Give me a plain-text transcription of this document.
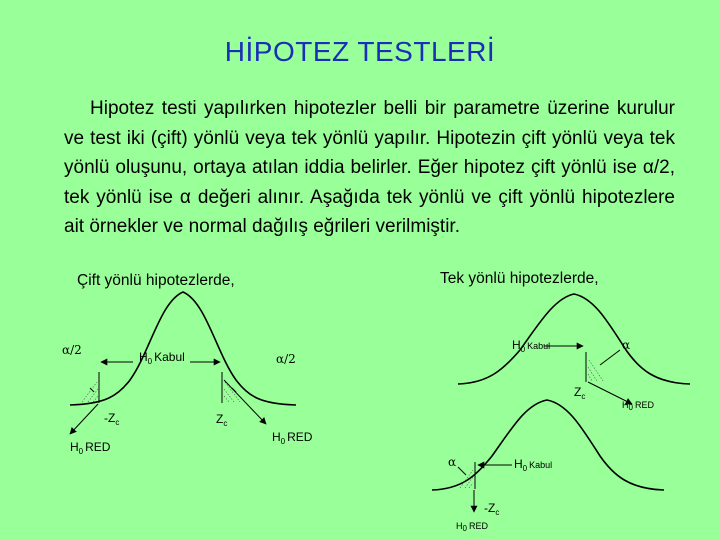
HİPOTEZ TESTLERİ

Hipotez testi yapılırken hipotezler belli bir parametre üzerine kurulur ve test iki (çift) yönlü veya tek yönlü yapılır. Hipotezin çift yönlü veya tek yönlü oluşunu, ortaya atılan iddia belirler. Eğer hipotez çift yönlü ise α/2, tek yönlü ise α değeri alınır. Aşağıda tek yönlü ve çift yönlü hipotezlere ait örnekler ve normal dağılış eğrileri verilmiştir.

Çift yönlü hipotezlerde,	Tek yönlü hipotezlerde,
α/2
α/2
$H_0$ Kabul
$-Z_c$	$Z_c$
$H_0$ RED
$H_0$ RED
$H_0$ $^{Kabul}$	α
$Z_c$
H0 RED
α	$H_0$ $^{Kabul}$
$-Z_c$
H0 RED
